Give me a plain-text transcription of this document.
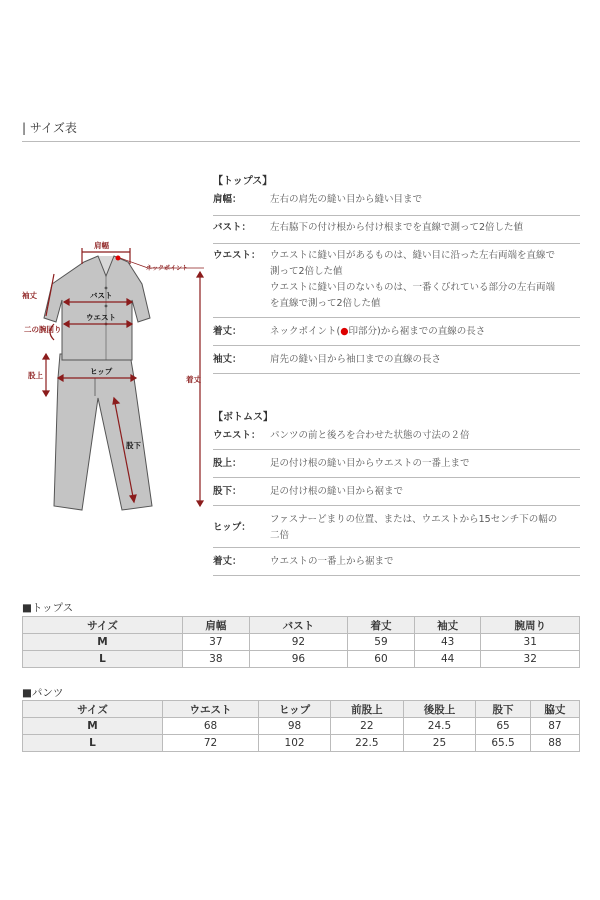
| サイズ表
肩幅
ネックポイント
袖丈	バスト
ウエスト
二の腕回り
ヒップ
股上	着丈
股下
【トップス】
肩幅：	左右の肩先の縫い目から縫い目まで
バスト：	左右脇下の付け根から付け根までを直線で測って2倍した値
ウエスト： ウエストに縫い目があるものは、縫い目に沿った左右両端を直線で
測って2倍した値
ウエストに縫い目のないものは、一番くびれている部分の左右両端
を直線で測って2倍した値
着丈：	ネックポイント(●印部分)から裾までの直線の長さ
袖丈：	肩先の縫い目から袖口までの直線の長さ
【ボトムス】
ウエスト： パンツの前と後ろを合わせた状態の寸法の２倍
股上：	足の付け根の縫い目からウエストの一番上まで
股下：	足の付け根の縫い目から裾まで
ヒップ：
ファスナーどまりの位置、または、ウエストから15センチ下の幅の
二倍
着丈：	ウエストの一番上から裾まで
■トップス
サイズ	肩幅	バスト	着丈	袖丈	腕周り
M	37	92	59	43	31
L	38	96	60	44	32
■パンツ
サイズ	ウエスト	ヒップ	前股上	後股上	股下	脇丈
M	68	98	22	24.5	65	87
L	72	102	22.5	25	65.5	88
